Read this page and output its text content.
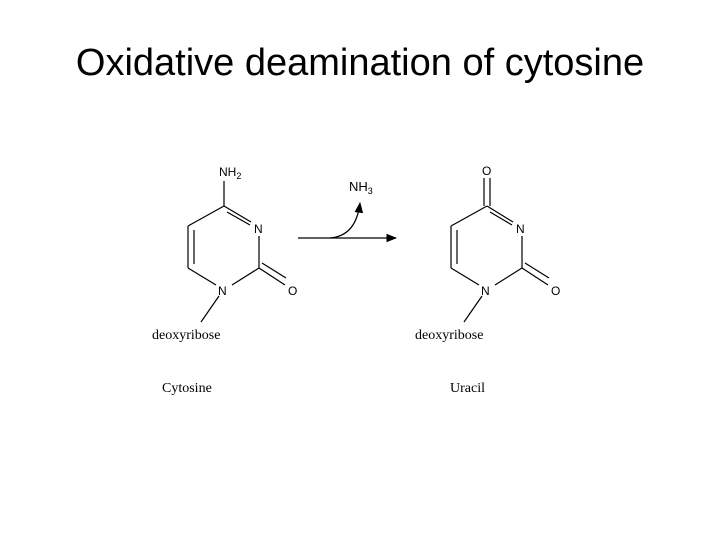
Oxidative deamination of cytosine
$NH_2$
N
N	O
deoxyribose
Cytosine
$NH_3$
O
N
N	O
deoxyribose
Uracil
